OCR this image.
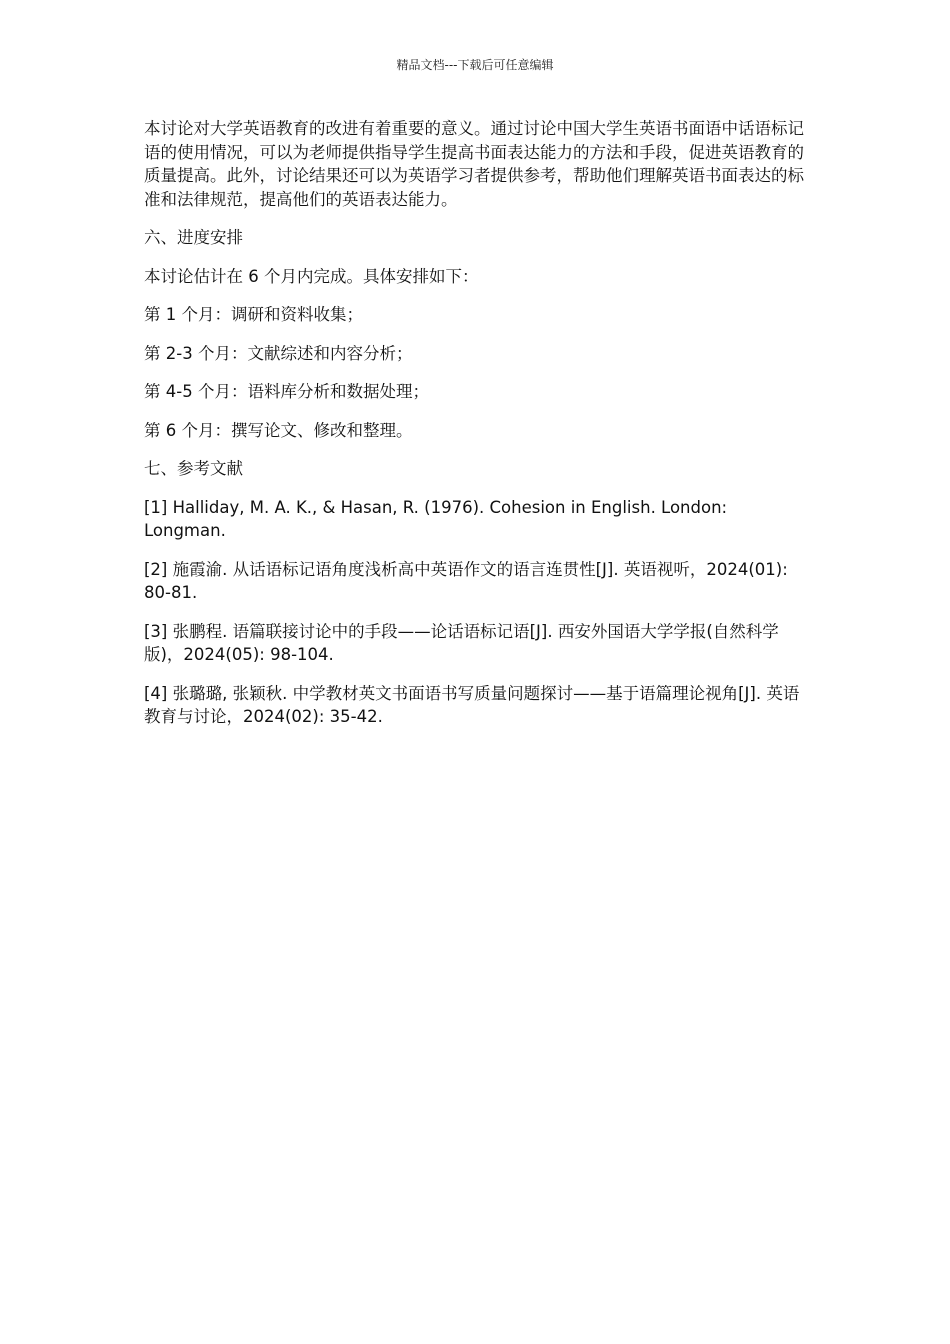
精品文档---下载后可任意编辑

本讨论对大学英语教育的改进有着重要的意义。通过讨论中国大学生英语书面语中话语标记语的使用情况，可以为老师提供指导学生提高书面表达能力的方法和手段，促进英语教育的质量提高。此外，讨论结果还可以为英语学习者提供参考，帮助他们理解英语书面表达的标准和法律规范，提高他们的英语表达能力。

六、进度安排

本讨论估计在 6 个月内完成。具体安排如下：

第 1 个月：调研和资料收集；

第 2-3 个月：文献综述和内容分析；

第 4-5 个月：语料库分析和数据处理；

第 6 个月：撰写论文、修改和整理。

七、参考文献

[1] Halliday, M. A. K., & Hasan, R. (1976). Cohesion in English. London: Longman.

[2] 施霞渝. 从话语标记语角度浅析高中英语作文的语言连贯性[J]. 英语视听，2024(01): 80-81.

[3] 张鹏程. 语篇联接讨论中的手段——论话语标记语[J]. 西安外国语大学学报(自然科学版)，2024(05): 98-104.

[4] 张璐璐, 张颖秋. 中学教材英文书面语书写质量问题探讨——基于语篇理论视角[J]. 英语教育与讨论，2024(02): 35-42.
